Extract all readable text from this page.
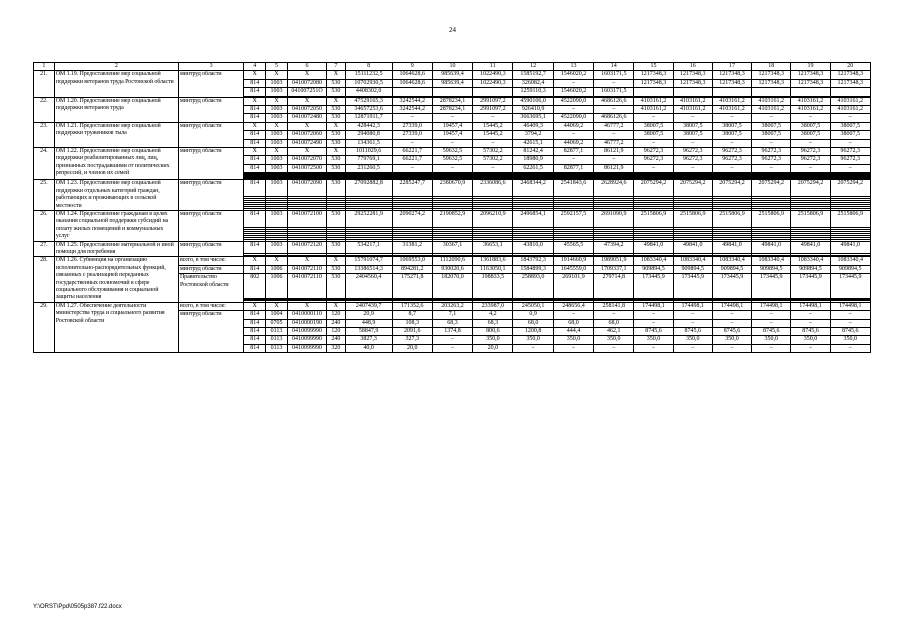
24
1	2	3	4	5	6	7	8	9	10	11	12	13	14	15	16	17	18	19	20
21.	ОМ 1.19. Предоставление мер социальной поддержки ветеранов труда Ростовской области	минтруд области	X	X	X	X	15111232,5	1064628,6	985639,4	1022490,3	1585192,7	1546020,2	1603171,5	1217348,3	1217348,3	1217348,3	1217348,3	1217348,3	1217348,3
			814	1003	0410072080	530	10702930,5	1064628,6	985639,4	1022490,3	326082,4	–	–	1217348,3	1217348,3	1217348,3	1217348,3	1217348,3	1217348,3
			814	1003	041007251О	530	4408302,0				1259110,3	1546020,2	1603171,5						

22.	ОМ 1.20. Предоставление мер социальной поддержки ветеранов труда	минтруд области	X	X	X	X	47529165,3	3242544,2	2878234,1	2991097,2	4590106,0	4522090,0	4686126,6	4103161,2	4103161,2	4103161,2	4103161,2	4103161,2	4103161,2
			814	1003	0410072050	530	34657253,6	3242544,2	2878234,1	2991097,2	926410,9	–	–	4103161,2	4103161,2	4103161,2	4103161,2	4103161,2	4103161,2
			814	1003	0410072480	530	12871911,7	–	–	–	3663695,1	4522090,0	4686126,6	–	–	–	–	–	–
23.	ОМ 1.21. Предоставление мер социальной поддержки тружеников тыла	минтруд области	X	X	X	X	428442,3	27339,0	19457,4	15445,2	46409,3	44069,2	46777,2	38007,5	38007,5	38007,5	38007,5	38007,5	38007,5
			814	1003	0410072060	530	294080,8	27339,0	19457,4	15445,2	3794,2	–	–	38007,5	38007,5	38007,5	38007,5	38007,5	38007,5
			814	1003	0410072490	530	134361,5	–	–	–	42615,1	44069,2	46777,2	–	–	–	–	–	–
24.	ОМ 1.22. Предоставление мер социальной поддержки реабилитированных лиц, лиц, признанных пострадавшими от политических репрессий, и членов их семей	минтруд области	X	X	X	X	1011029,6	66221,7	59632,5	57302,2	81242,4	82877,1	86121,9	96272,3	96272,3	96272,3	96272,3	96272,3	96272,3
			814	1003	0410072070	530	779769,1	66221,7	59632,5	57302,2	18980,9	–	–	96272,3	96272,3	96272,3	96272,3	96272,3	96272,3
			814	1003	0410072500	530	231260,5	–	–	–	62261,5	82877,1	86121,9	–	–	–	–	–	–

25.	ОМ 1.23. Предоставление мер социальной поддержки отдельных категорий граждан, работающих и проживающих в сельской местности	минтруд области	814	1003	0410072090	530	27092882,8	2285247,7	2380670,9	2336086,6	2468344,2	2541843,6	2628924,6	2075294,2	2075294,2	2075294,2	2075294,2	2075294,2	2075294,2

26.	ОМ 1.24. Предоставление гражданам в целях оказания социальной поддержки субсидий на оплату жилых помещений и коммунальных услуг	минтруд области	814	1003	0410072100	530	29252281,9	2090274,2	2190852,9	2096210,9	2496854,1	2592157,5	2691090,9	2515806,9	2515806,9	2515806,9	2515806,9	2515806,9	2515806,9

27.	ОМ 1.25. Предоставление материальной и иной помощи для погребения	минтруд области	814	1003	0410072120	530	534217,1	31381,2	30367,1	36653,1	43810,0	45565,5	47394,2	49841,0	49841,0	49841,0	49841,0	49841,0	49841,0

28.	ОМ 1.26. Субвенция на организацию исполнительно-распорядительных функций, связанных с реализацией переданных государственных полномочий в сфере социального обслуживания и социальной защиты населения	всего, в том числе:	X	X	X	X	15791074,7	1069553,0	1112090,6	1361883,6	1843792,3	1914660,9	1989051,9	1083340,4	1083340,4	1083340,4	1083340,4	1083340,4	1083340,4
		минтруд области	814	1006	0410072110	530	13386514,3	894281,2	930020,6	1163050,1	1584899,3	1645559,0	1709337,1	909894,5	909894,5	909894,5	909894,5	909894,5	909894,5
		Правительство Ростовской области	802	1006	0410072110	530	2404560,4	175271,8	182070,0	198833,5	258893,0	269101,9	279714,8	173445,9	173445,9	173445,9	173445,9	173445,9	173445,9

29.	ОМ 1.27. Обеспечение деятельности министерства труда и социального развития Ростовской области	всего, в том числе:	X	X	X	X	2407439,7	171352,6	203263,2	233987,0	245050,1	248656,4	258141,8	174498,1	174498,1	174498,1	174498,1	174498,1	174498,1
		минтруд области	814	1004	0410000110	120	20,9	8,7	7,1	4,2	0,9	–	–	–	–	–	–	–	–
			814	0705	0410000190	240	448,9	108,3	68,3	68,3	68,0	68,0	68,0	–	–	–	–	–	–
			814	0113	0410099990	120	58847,9	2091,6	1374,8	800,6	1200,8	444,4	462,1	8745,6	8745,6	8745,6	8745,6	8745,6	8745,6
			814	0113	0410099990	240	3827,3	327,3	–	350,0	350,0	350,0	350,0	350,0	350,0	350,0	350,0	350,0	350,0
			814	0113	0410099990	320	40,0	20,0	–	20,0	–	–	–	–	–	–	–	–	–
Y:\ORST\Ppd\0505p387.f22.docx
